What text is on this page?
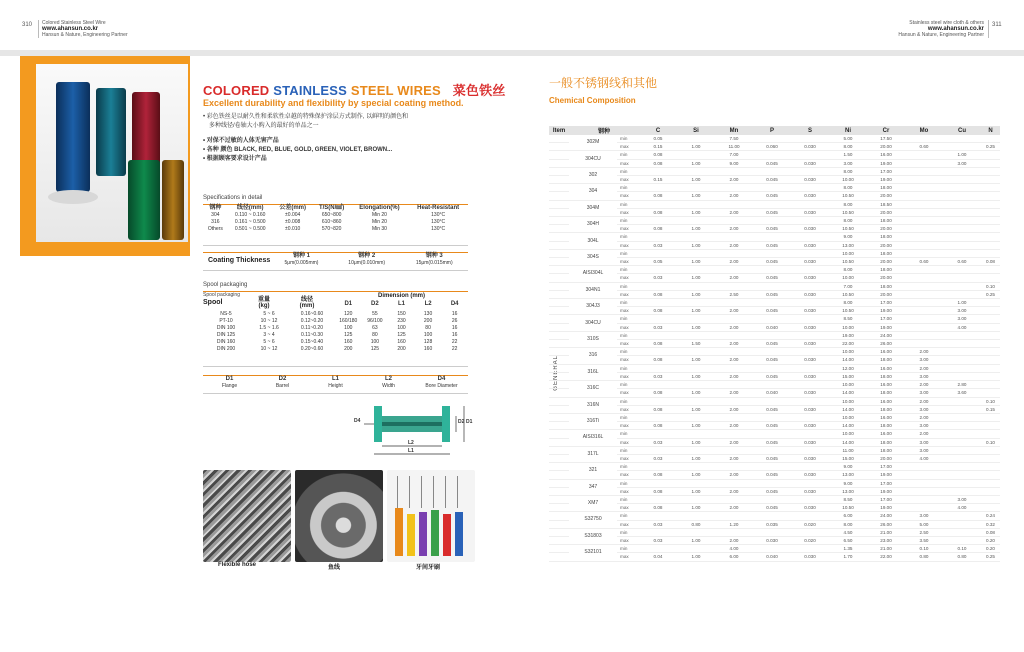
310 Colored Stainless Steel Wire
www.ahansun.co.kr
Hansun & Nature, Engineering Partner
Stainless steel wire cloth & others
www.ahansun.co.kr
Hansun & Nature, Engineering Partner
311
COLORED STAINLESS STEEL WIRES 菜色铁丝
Excellent durability and flexibility by special coating method.
• 彩色铁丝是以耐久性和柔软性卓越的特殊保护涂层方式制作, 以鲜明的颜色和
多种线径/卷轴大小购入的最好的单品之一
• 对保不过敏的人体无害产品
• 各种 颜色 BLACK, RED, BLUE, GOLD, GREEN, VIOLET, BROWN...
• 根据顾客要求设计产品
Specifications in detail
钢种	线径(mm)	公差(mm)	T/S(N/㎟)	Elongation(%)	Heat-Resistant
304	0.110 ~ 0.160	±0.004	650~800	Min 20	130°C
316	0.161 ~ 0.500	±0.008	610~860	Min 20	130°C
Others	0.501 ~ 0.500	±0.010	570~820	Min 30	130°C
Coating Thickness
钢种 1	钢种 2	钢种 3
5μm(0.005mm)	10μm(0.010mm)	15μm(0.015mm)
Spool packaging
Spool packaging
Spool	重量 (kg)
线径 (mm)
Dimension (mm)
D1	D2	L1	L2	D4
NS-5	5 ~ 6	0.16~0.60	120	55	150	130	16
PT-10	10 ~ 12	0.12~0.20	160/180	96/100	230	200	26
DIN 100	1.5 ~ 1.6	0.11~0.20	100	63	100	80	16
DIN 125	3 ~ 4	0.11~0.30	125	80	125	100	16
DIN 160	5 ~ 6	0.15~0.40	160	100	160	128	22
DIN 200	10 ~ 12	0.20~0.60	200	125	200	160	22
D1	D2	L1	L2	D4
Flange	Barrel	Height	Width	Bore Diameter
D4	D2 D1
L2
L1
Flexible hose	鱼线	牙间牙刷
一般不锈钢线和其他
Chemical Composition
GENERAL
Item	钢种		C	Si	Mn	P	S	Ni	Cr	Mo	Cu	N
	302M	min	0.05		7.50			5.00	17.50			
		max	0.15	1.00	11.00	0.060	0.030	8.00	20.00	0.60		0.25
	304CU	min	0.08		7.00			1.50	16.00		1.00	
		max	0.08	1.00	9.00	0.045	0.030	3.00	19.00		3.00	
	302	min						8.00	17.00			
		max	0.15	1.00	2.00	0.045	0.030	10.00	19.00			
	304	min						8.00	18.00			
		max	0.08	1.00	2.00	0.045	0.030	10.50	20.00			
	304M	min						8.00	18.50			
		max	0.08	1.00	2.00	0.045	0.030	10.50	20.00			
	304H	min						8.00	18.00			
		max	0.08	1.00	2.00	0.045	0.030	10.50	20.00			
	304L	min						9.00	18.00			
		max	0.03	1.00	2.00	0.045	0.030	13.00	20.00			
	304S	min						10.00	18.00			
		max	0.05	1.00	2.00	0.045	0.030	10.50	20.00	0.60	0.60	0.08
	AISI304L	min						8.00	18.00			
		max	0.03	1.00	2.00	0.045	0.030	10.00	20.00			
	304N1	min						7.00	18.00			0.10
		max	0.08	1.00	2.50	0.045	0.030	10.50	20.00			0.25
	304J3	min						8.00	17.00		1.00	
		max	0.08	1.00	2.00	0.045	0.030	10.50	19.00		3.00	
	304CU	min						8.50	17.00		3.00	
		max	0.03	1.00	2.00	0.040	0.030	10.00	19.00		4.00	
	310S	min						19.00	24.00			
		max	0.08	1.50	2.00	0.045	0.030	22.00	26.00			
	316	min						10.00	16.00	2.00		
		max	0.08	1.00	2.00	0.045	0.030	14.00	18.00	3.00		
	316L	min						12.00	16.00	2.00		
		max	0.03	1.00	2.00	0.045	0.030	15.00	18.00	3.00		
	316C	min						10.00	16.00	2.00	2.80	
		max	0.08	1.00	2.00	0.040	0.030	14.00	18.00	3.00	3.60	
	316N	min						10.00	16.00	2.00		0.10
		max	0.08	1.00	2.00	0.045	0.030	14.00	18.00	3.00		0.15
	316Ti	min						10.00	16.00	2.00		
		max	0.08	1.00	2.00	0.045	0.030	14.00	18.00	3.00		
	AISI316L	min						10.00	16.00	2.00		
		max	0.03	1.00	2.00	0.045	0.030	14.00	18.00	3.00		0.10
	317L	min						11.00	18.00	3.00		
		max	0.03	1.00	2.00	0.045	0.030	15.00	20.00	4.00		
	321	min						9.00	17.00			
		max	0.08	1.00	2.00	0.045	0.030	13.00	19.00			
	347	min						9.00	17.00			
		max	0.08	1.00	2.00	0.045	0.030	13.00	19.00			
	XM7	min						8.50	17.00		3.00	
		max	0.08	1.00	2.00	0.045	0.030	10.50	19.00		4.00	
	S32750	min						6.00	24.00	3.00		0.24
		max	0.03	0.80	1.20	0.035	0.020	8.00	26.00	5.00		0.32
	S31803	min						4.50	21.00	2.50		0.08
		max	0.03	1.00	2.00	0.030	0.020	6.50	23.00	3.50		0.20
	S32101	min			4.00			1.35	21.00	0.10	0.10	0.20
		max	0.04	1.00	6.00	0.040	0.030	1.70	22.00	0.80	0.80	0.25
